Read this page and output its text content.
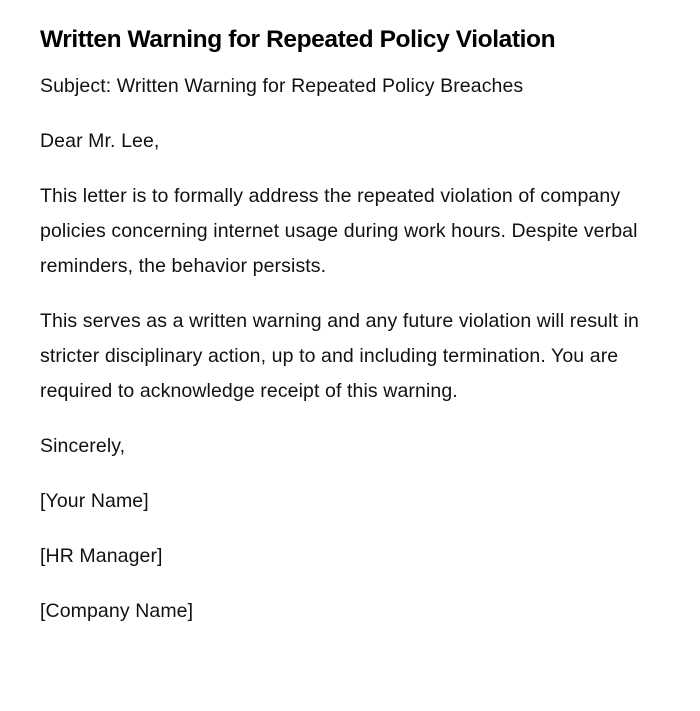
Written Warning for Repeated Policy Violation

Subject: Written Warning for Repeated Policy Breaches

Dear Mr. Lee,

This letter is to formally address the repeated violation of company policies concerning internet usage during work hours. Despite verbal reminders, the behavior persists.

This serves as a written warning and any future violation will result in stricter disciplinary action, up to and including termination. You are required to acknowledge receipt of this warning.

Sincerely,

[Your Name]

[HR Manager]

[Company Name]
